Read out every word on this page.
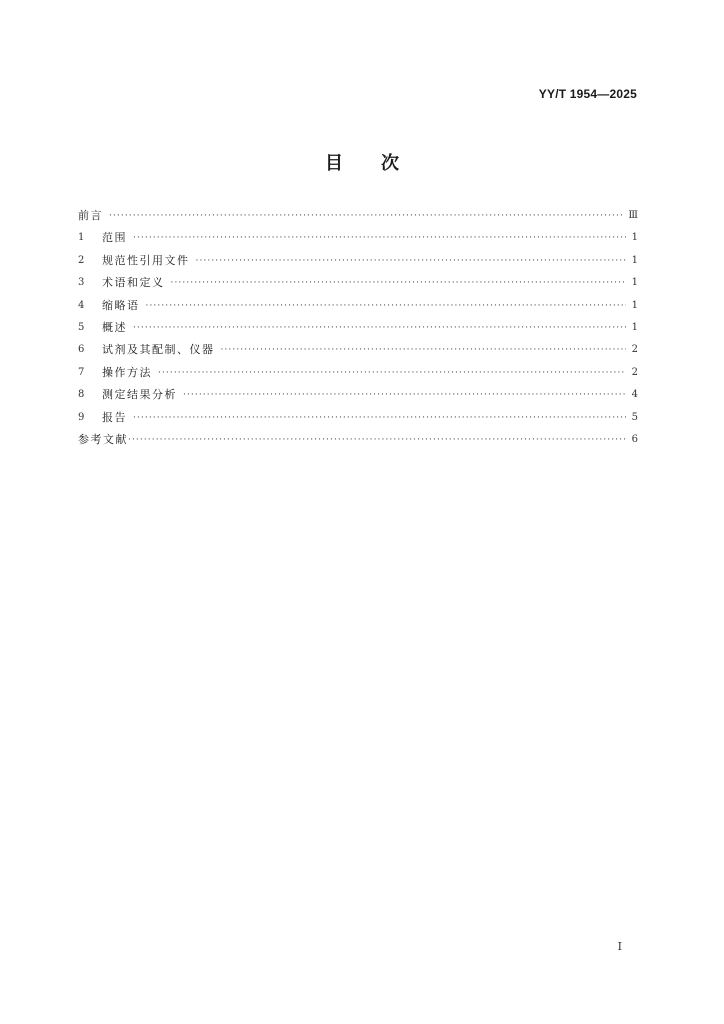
YY/T 1954—2025
目 次
前言 ·····	Ⅲ
1	范围 ·····	1
2	规范性引用文件 ·····	1
3	术语和定义 ·····	1
4	缩略语 ·····	1
5	概述 ·····	1
6	试剂及其配制、仪器 ·····	2
7	操作方法 ·····	2
8	测定结果分析 ·····	4
9	报告 ·····	5
参考文献 ·····	6
I
